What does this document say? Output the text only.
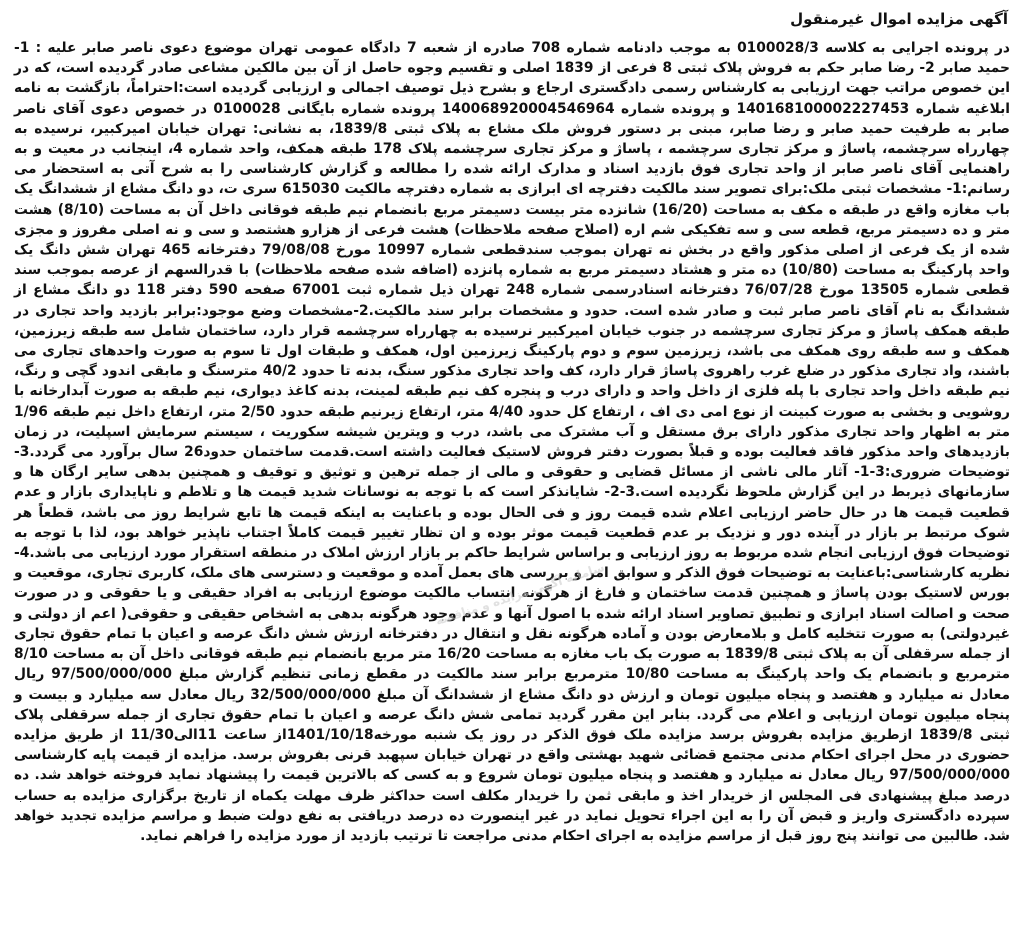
آگهی مزایده اموال غیرمنقول

در پرونده اجرایی به کلاسه 0100028/3 به موجب دادنامه شماره 708 صادره از شعبه 7 دادگاه عمومی تهران موضوع دعوی ناصر صابر علیه : 1- حمید صابر 2- رضا صابر حکم به فروش پلاک ثبتی 8 فرعی از 1839 اصلی و تقسیم وجوه حاصل از آن بین مالکین مشاعی صادر گردیده است، که در این خصوص مراتب جهت ارزیابی به کارشناس رسمی دادگستری ارجاع و بشرح ذیل توصیف اجمالی و ارزیابی گردیده است:احتراماً، بازگشت به نامه ابلاغیه شماره 140168100002227453 و پرونده شماره 140068920004546964 پرونده شماره بایگانی 0100028 در خصوص دعوی آقای ناصر صابر به طرفیت حمید صابر و رضا صابر، مبنی بر دستور فروش ملک مشاع به پلاک ثبتی 1839/8، به نشانی: تهران خیابان امیرکبیر، نرسیده به چهارراه سرچشمه، پاساژ و مرکز تجاری سرچشمه ، پاساژ و مرکز تجاری سرچشمه پلاک 178 طبقه همکف، واحد شماره 4، اینجانب در معیت و به راهنمایی آقای ناصر صابر از واحد تجاری فوق بازدید اسناد و مدارک ارائه شده را مطالعه و گزارش کارشناسی را به شرح آتی به استحضار می رسانم:1- مشخصات ثبتی ملک:برای تصویر سند مالکیت دفترچه ای ابرازی به شماره دفترچه مالکیت 615030 سری ت، دو دانگ مشاع از ششدانگ یک باب مغازه واقع در طبقه ه مکف به مساحت (16/20) شانزده متر بیست دسیمتر مربع بانضمام نیم طبقه فوقانی داخل آن به مساحت (8/10) هشت متر و ده دسیمتر مربع، قطعه سی و سه تفکیکی شم اره (اصلاح صفحه ملاحظات) هشت فرعی از هزارو هشتصد و سی و نه اصلی مفروز و مجزی شده از یک فرعی از اصلی مذکور واقع در بخش نه تهران بموجب سندقطعی شماره 10997 مورخ 79/08/08 دفترخانه 465 تهران شش دانگ یک واحد پارکینگ به مساحت (10/80) ده متر و هشتاد دسیمتر مربع به شماره پانزده (اضافه شده صفحه ملاحظات) با قدرالسهم از عرصه بموجب سند قطعی شماره 13505 مورخ 76/07/28 دفترخانه اسنادرسمی شماره 248 تهران ذیل شماره ثبت 67001 صفحه 590 دفتر 118 دو دانگ مشاع از ششدانگ به نام آقای ناصر صابر ثبت و صادر شده است. حدود و مشخصات برابر سند مالکیت.2-مشخصات وضع موجود:برابر بازدید واحد تجاری در طبقه همکف پاساژ و مرکز تجاری سرچشمه در جنوب خیابان امیرکبیر نرسیده به چهارراه سرچشمه قرار دارد، ساختمان شامل سه طبقه زیرزمین، همکف و سه طبقه روی همکف می باشد، زیرزمین سوم و دوم پارکینگ زیرزمین اول، همکف و طبقات اول تا سوم به صورت واحدهای تجاری می باشند، واد تجاری مذکور در ضلع غرب راهروی پاساژ قرار دارد، کف واحد تجاری مذکور سنگ، بدنه تا حدود 40/2 مترسنگ و مابقی اندود گچی و رنگ، نیم طبقه داخل واحد تجاری با پله فلزی از داخل واحد و دارای درب و پنجره کف نیم طبقه لمینت، بدنه کاغذ دیواری، نیم طبقه به صورت آبدارخانه با روشویی و بخشی به صورت کبینت از نوع امی دی اف ، ارتفاع کل حدود 4/40 متر، ارتفاع زیرنیم طبقه حدود 2/50 متر، ارتفاع داخل نیم طبقه 1/96 متر به اظهار واحد تجاری مذکور دارای برق مستقل و آب مشترک می باشد، درب و ویترین شیشه سکوریت ، سیستم سرمایش اسپلیت، در زمان بازدیدهای واحد مذکور فاقد فعالیت بوده و قبلاً بصورت دفتر فروش لاستیک فعالیت داشته است.قدمت ساختمان حدود26 سال برآورد می گردد.3- توضیحات ضروری:3-1- آثار مالی ناشی از مسائل قضایی و حقوقی و مالی از جمله ترهین و توثیق و توقیف و همچنین بدهی سایر ارگان ها و سازمانهای ذیربط در این گزارش ملحوظ نگردیده است.3-2- شایانذکر است که با توجه به نوسانات شدید قیمت ها و تلاطم و ناپایداری بازار و عدم قطعیت قیمت ها در حال حاضر ارزیابی اعلام شده قیمت روز و فی الحال بوده و باعنایت به اینکه قیمت ها تابع شرایط روز می باشد، قطعاً هر شوک مرتبط بر بازار در آینده دور و نزدیک بر عدم قطعیت قیمت موثر بوده و ان تظار تغییر قیمت کاملاً اجتناب ناپذیر خواهد بود، لذا با توجه به توضیحات فوق ارزیابی انجام شده مربوط به روز ارزیابی و براساس شرایط حاکم بر بازار ارزش املاک در منطقه استقرار مورد ارزیابی می باشد.4- نظریه کارشناسی:باعنایت به توضیحات فوق الذکر و سوابق امر و بررسی های بعمل آمده و موقعیت و دسترسی های ملک، کاربری تجاری، موقعیت و بورس لاستیک بودن پاساژ و همچنین قدمت ساختمان و فارغ از هرگونه انتساب مالکیت موضوع ارزیابی به افراد حقیقی و یا حقوقی و در صورت صحت و اصالت اسناد ابرازی و تطبیق تصاویر اسناد ارائه شده با اصول آنها و عدم وجود هرگونه بدهی به اشخاص حقیقی و حقوقی( اعم از دولتی و غیردولتی) به صورت تتخلیه کامل و بلامعارض بودن و آماده هرگونه نقل و انتقال در دفترخانه ارزش شش دانگ عرصه و اعیان با تمام حقوق تجاری از جمله سرقفلی آن به پلاک ثبتی 1839/8 به صورت یک باب مغازه به مساحت 16/20 متر مربع بانضمام نیم طبقه فوقانی داخل آن به مساحت 8/10 مترمربع و بانضمام یک واحد پارکینگ به مساحت 10/80 مترمربع برابر سند مالکیت در مقطع زمانی تنظیم گزارش مبلغ 97/500/000/000 ریال معادل نه میلیارد و هفتصد و پنجاه میلیون تومان و ارزش دو دانگ مشاع از ششدانگ آن مبلغ 32/500/000/000 ریال معادل سه میلیارد و بیست و پنجاه میلیون تومان ارزیابی و اعلام می گردد. بنابر این مقرر گردید تمامی شش دانگ عرصه و اعیان با تمام حقوق تجاری از جمله سرقفلی پلاک ثبتی 1839/8 ازطریق مزایده بفروش برسد مزایده ملک فوق الذکر در روز یک شنبه مورخه1401/10/18از ساعت 11الی11/30 از طریق مزایده حضوری در محل اجرای احکام مدنی مجتمع قضائی شهید بهشتی واقع در تهران خیابان سپهبد قرنی بفروش برسد. مزایده از قیمت پایه کارشناسی 97/500/000/000 ریال معادل نه میلیارد و هفتصد و پنجاه میلیون تومان شروع و به کسی که بالاترین قیمت را پیشنهاد نماید فروخته خواهد شد. ده درصد مبلغ پیشنهادی فی المجلس از خریدار اخذ و مابقی ثمن را خریدار مکلف است حداکثر ظرف مهلت یکماه از تاریخ برگزاری مزایده به حساب سپرده دادگستری واریز و قبض آن را به این اجراء تحویل نماید در غیر اینصورت ده درصد دریافتی به نفع دولت ضبط و مراسم مزایده تجدید خواهد شد. طالبین می توانند پنج روز قبل از مراسم مزایده به اجرای احکام مدنی مراجعت تا ترتیب بازدید از مورد مزایده را فراهم نماید.

سامانه آگهی مزایده و مناقصه
